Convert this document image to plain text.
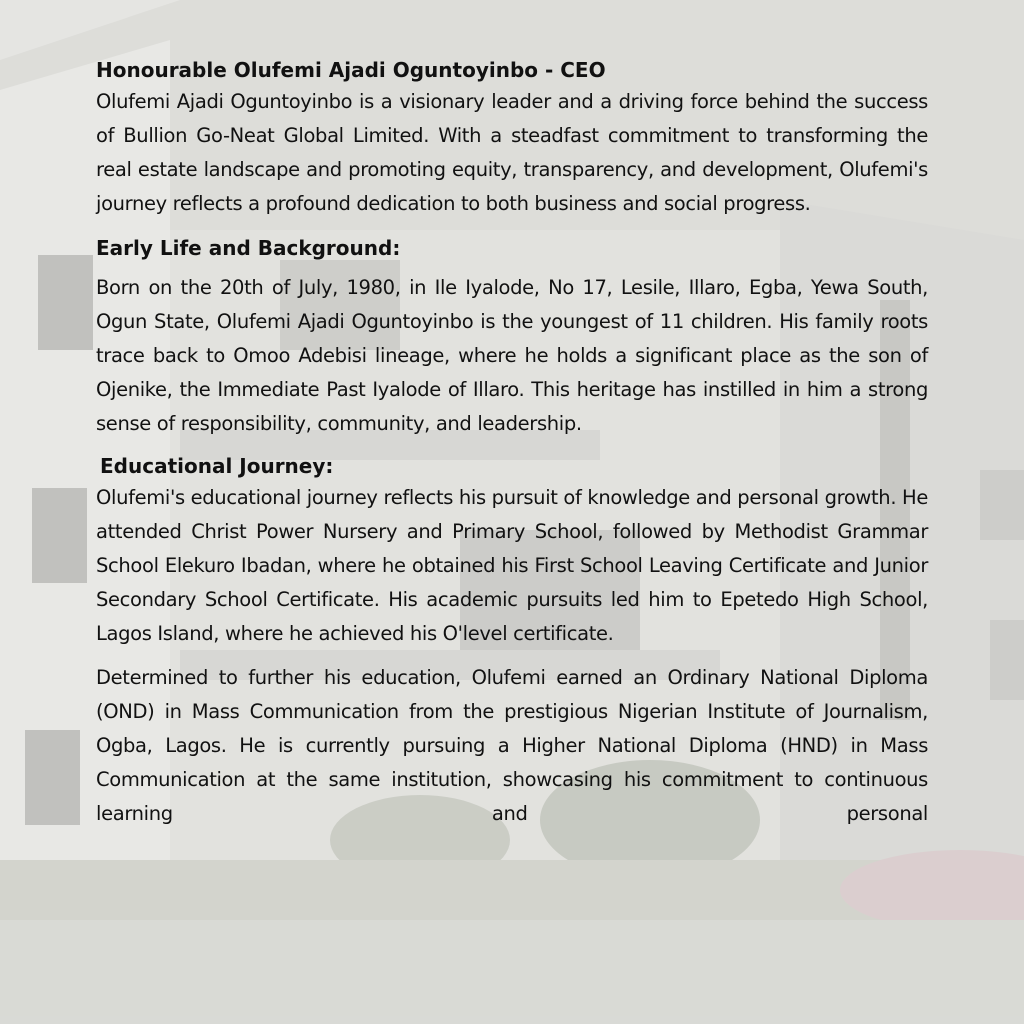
Honourable Olufemi Ajadi Oguntoyinbo - CEO

Olufemi Ajadi Oguntoyinbo is a visionary leader and a driving force behind the success of Bullion Go-Neat Global Limited. With a steadfast commitment to transforming the real estate landscape and promoting equity, transparency, and development, Olufemi's journey reflects a profound dedication to both business and social progress.

Early Life and Background:

Born on the 20th of July, 1980, in Ile Iyalode, No 17, Lesile, Illaro, Egba, Yewa South, Ogun State, Olufemi Ajadi Oguntoyinbo is the youngest of 11 children. His family roots trace back to Omoo Adebisi lineage, where he holds a significant place as the son of Ojenike, the Immediate Past Iyalode of Illaro. This heritage has instilled in him a strong sense of responsibility, community, and leadership.

Educational Journey:

Olufemi's educational journey reflects his pursuit of knowledge and personal growth. He attended Christ Power Nursery and Primary School, followed by Methodist Grammar School Elekuro Ibadan, where he obtained his First School Leaving Certificate and Junior Secondary School Certificate. His academic pursuits led him to Epetedo High School, Lagos Island, where he achieved his O'level certificate.

Determined to further his education, Olufemi earned an Ordinary National Diploma (OND) in Mass Communication from the prestigious Nigerian Institute of Journalism, Ogba, Lagos. He is currently pursuing a Higher National Diploma (HND) in Mass Communication at the same institution, showcasing his commitment to continuous learning and personal
